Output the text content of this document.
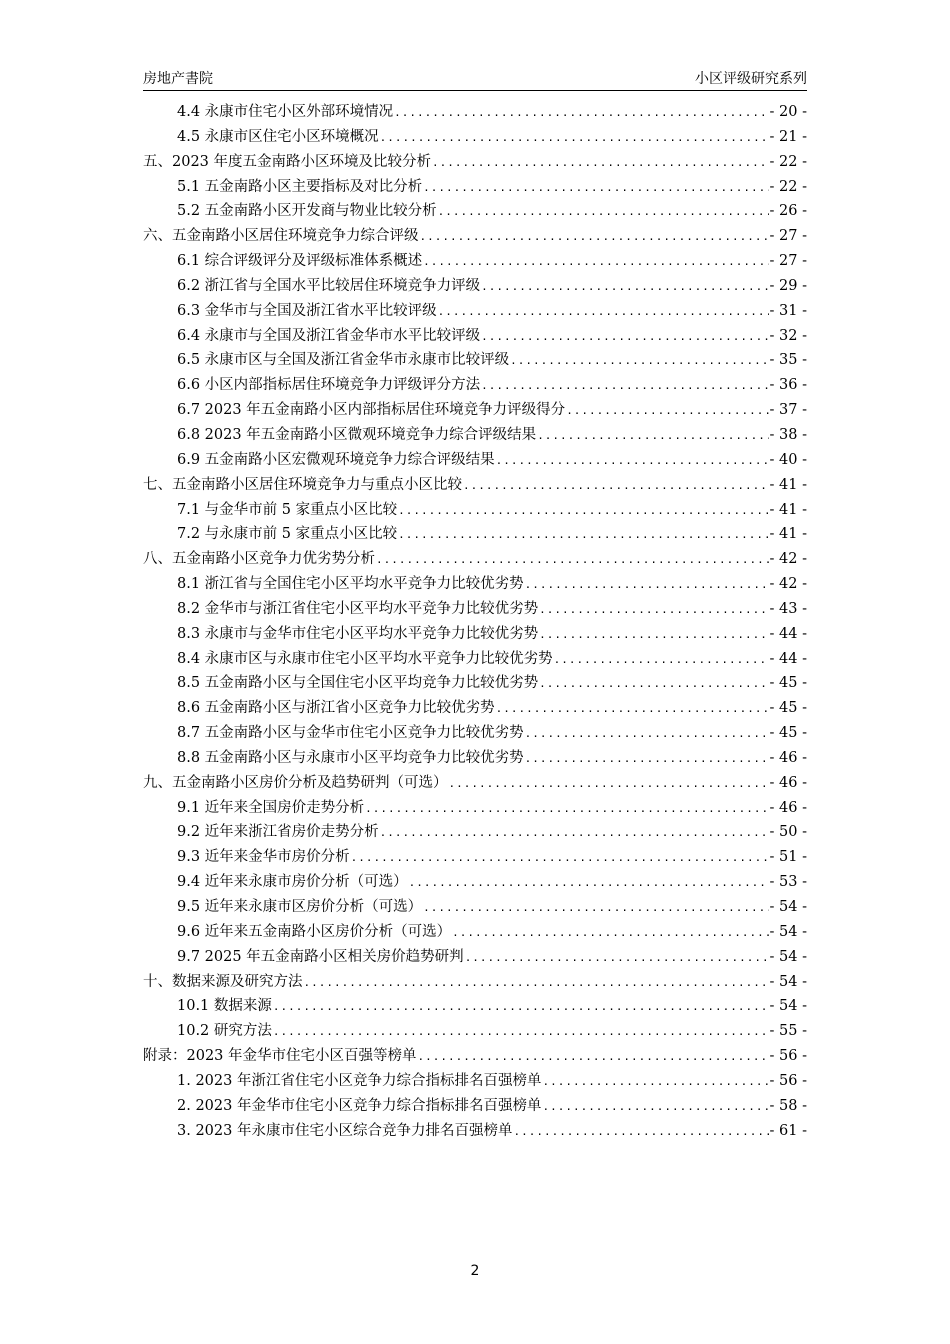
房地产書院	小区评级研究系列
4.4 永康市住宅小区外部环境情况 .....	- 20 -
4.5 永康市区住宅小区环境概况 .....	- 21 -
五、2023 年度五金南路小区环境及比较分析 .....	- 22 -
5.1 五金南路小区主要指标及对比分析 .....	- 22 -
5.2 五金南路小区开发商与物业比较分析 .....	- 26 -
六、五金南路小区居住环境竞争力综合评级 .....	- 27 -
6.1 综合评级评分及评级标准体系概述 .....	- 27 -
6.2 浙江省与全国水平比较居住环境竞争力评级 .....	- 29 -
6.3 金华市与全国及浙江省水平比较评级 .....	- 31 -
6.4 永康市与全国及浙江省金华市水平比较评级 .....	- 32 -
6.5 永康市区与全国及浙江省金华市永康市比较评级 .....	- 35 -
6.6 小区内部指标居住环境竞争力评级评分方法 .....	- 36 -
6.7 2023 年五金南路小区内部指标居住环境竞争力评级得分 .....	- 37 -
6.8 2023 年五金南路小区微观环境竞争力综合评级结果 .....	- 38 -
6.9 五金南路小区宏微观环境竞争力综合评级结果 .....	- 40 -
七、五金南路小区居住环境竞争力与重点小区比较 .....	- 41 -
7.1 与金华市前 5 家重点小区比较 .....	- 41 -
7.2 与永康市前 5 家重点小区比较 .....	- 41 -
八、五金南路小区竞争力优劣势分析 .....	- 42 -
8.1 浙江省与全国住宅小区平均水平竞争力比较优劣势 .....	- 42 -
8.2 金华市与浙江省住宅小区平均水平竞争力比较优劣势 .....	- 43 -
8.3 永康市与金华市住宅小区平均水平竞争力比较优劣势 .....	- 44 -
8.4 永康市区与永康市住宅小区平均水平竞争力比较优劣势 .....	- 44 -
8.5 五金南路小区与全国住宅小区平均竞争力比较优劣势 .....	- 45 -
8.6 五金南路小区与浙江省小区竞争力比较优劣势 .....	- 45 -
8.7 五金南路小区与金华市住宅小区竞争力比较优劣势 .....	- 45 -
8.8 五金南路小区与永康市小区平均竞争力比较优劣势 .....	- 46 -
九、五金南路小区房价分析及趋势研判（可选） .....	- 46 -
9.1 近年来全国房价走势分析 .....	- 46 -
9.2 近年来浙江省房价走势分析 .....	- 50 -
9.3 近年来金华市房价分析 .....	- 51 -
9.4 近年来永康市房价分析（可选） .....	- 53 -
9.5 近年来永康市区房价分析（可选） .....	- 54 -
9.6 近年来五金南路小区房价分析（可选） .....	- 54 -
9.7 2025 年五金南路小区相关房价趋势研判 .....	- 54 -
十、数据来源及研究方法 .....	- 54 -
10.1 数据来源 .....	- 54 -
10.2 研究方法 .....	- 55 -
附录：2023 年金华市住宅小区百强等榜单 .....	- 56 -
1. 2023 年浙江省住宅小区竞争力综合指标排名百强榜单 .....	- 56 -
2. 2023 年金华市住宅小区竞争力综合指标排名百强榜单 .....	- 58 -
3. 2023 年永康市住宅小区综合竞争力排名百强榜单 .....	- 61 -
2
